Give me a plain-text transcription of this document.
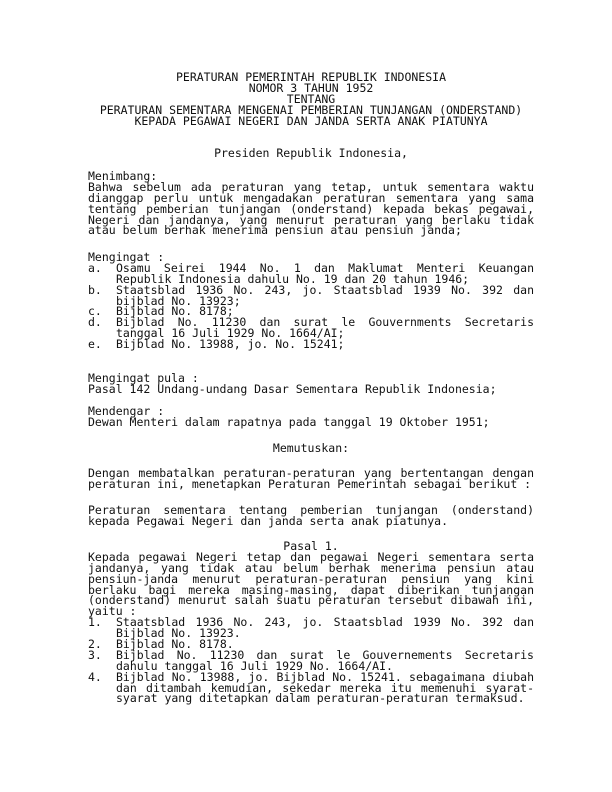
PERATURAN PEMERINTAH REPUBLIK INDONESIA
NOMOR 3 TAHUN 1952
TENTANG
PERATURAN SEMENTARA MENGENAI PEMBERIAN TUNJANGAN (ONDERSTAND)
KEPADA PEGAWAI NEGERI DAN JANDA SERTA ANAK PIATUNYA
Presiden Republik Indonesia,
Menimbang:
Bahwa sebelum ada peraturan yang tetap, untuk sementara waktu
dianggap perlu untuk mengadakan peraturan sementara yang sama
tentang pemberian tunjangan (onderstand) kepada bekas pegawai,
Negeri dan jandanya, yang menurut peraturan yang berlaku tidak
atau belum berhak menerima pensiun atau pensiun janda;
Mengingat :
a. Osamu Seirei 1944 No. 1 dan Maklumat Menteri Keuangan
Republik Indonesia dahulu No. 19 dan 20 tahun 1946;
b. Staatsblad 1936 No. 243, jo. Staatsblad 1939 No. 392 dan
bijblad No. 13923;
c. Bijblad No. 8178;
d. Bijblad No. 11230 dan surat le Gouvernments Secretaris
tanggal 16 Juli 1929 No. 1664/AI;
e. Bijblad No. 13988, jo. No. 15241;
Mengingat pula :
Pasal 142 Undang-undang Dasar Sementara Republik Indonesia;
Mendengar :
Dewan Menteri dalam rapatnya pada tanggal 19 Oktober 1951;
Memutuskan:
Dengan membatalkan peraturan-peraturan yang bertentangan dengan
peraturan ini, menetapkan Peraturan Pemerintah sebagai berikut :
Peraturan sementara tentang pemberian tunjangan (onderstand)
kepada Pegawai Negeri dan janda serta anak piatunya.
Pasal 1.
Kepada pegawai Negeri tetap dan pegawai Negeri sementara serta
jandanya, yang tidak atau belum berhak menerima pensiun atau
pensiun-janda menurut peraturan-peraturan pensiun yang kini
berlaku bagi mereka masing-masing, dapat diberikan tunjangan
(onderstand) menurut salah suatu peraturan tersebut dibawah ini,
yaitu :
1. Staatsblad 1936 No. 243, jo. Staatsblad 1939 No. 392 dan
Bijblad No. 13923.
2. Bijblad No. 8178.
3. Bijblad No. 11230 dan surat le Gouvernements Secretaris
dahulu tanggal 16 Juli 1929 No. 1664/AI.
4. Bijblad No. 13988, jo. Bijblad No. 15241. sebagaimana diubah
dan ditambah kemudian, sekedar mereka itu memenuhi syarat-
syarat yang ditetapkan dalam peraturan-peraturan termaksud.
